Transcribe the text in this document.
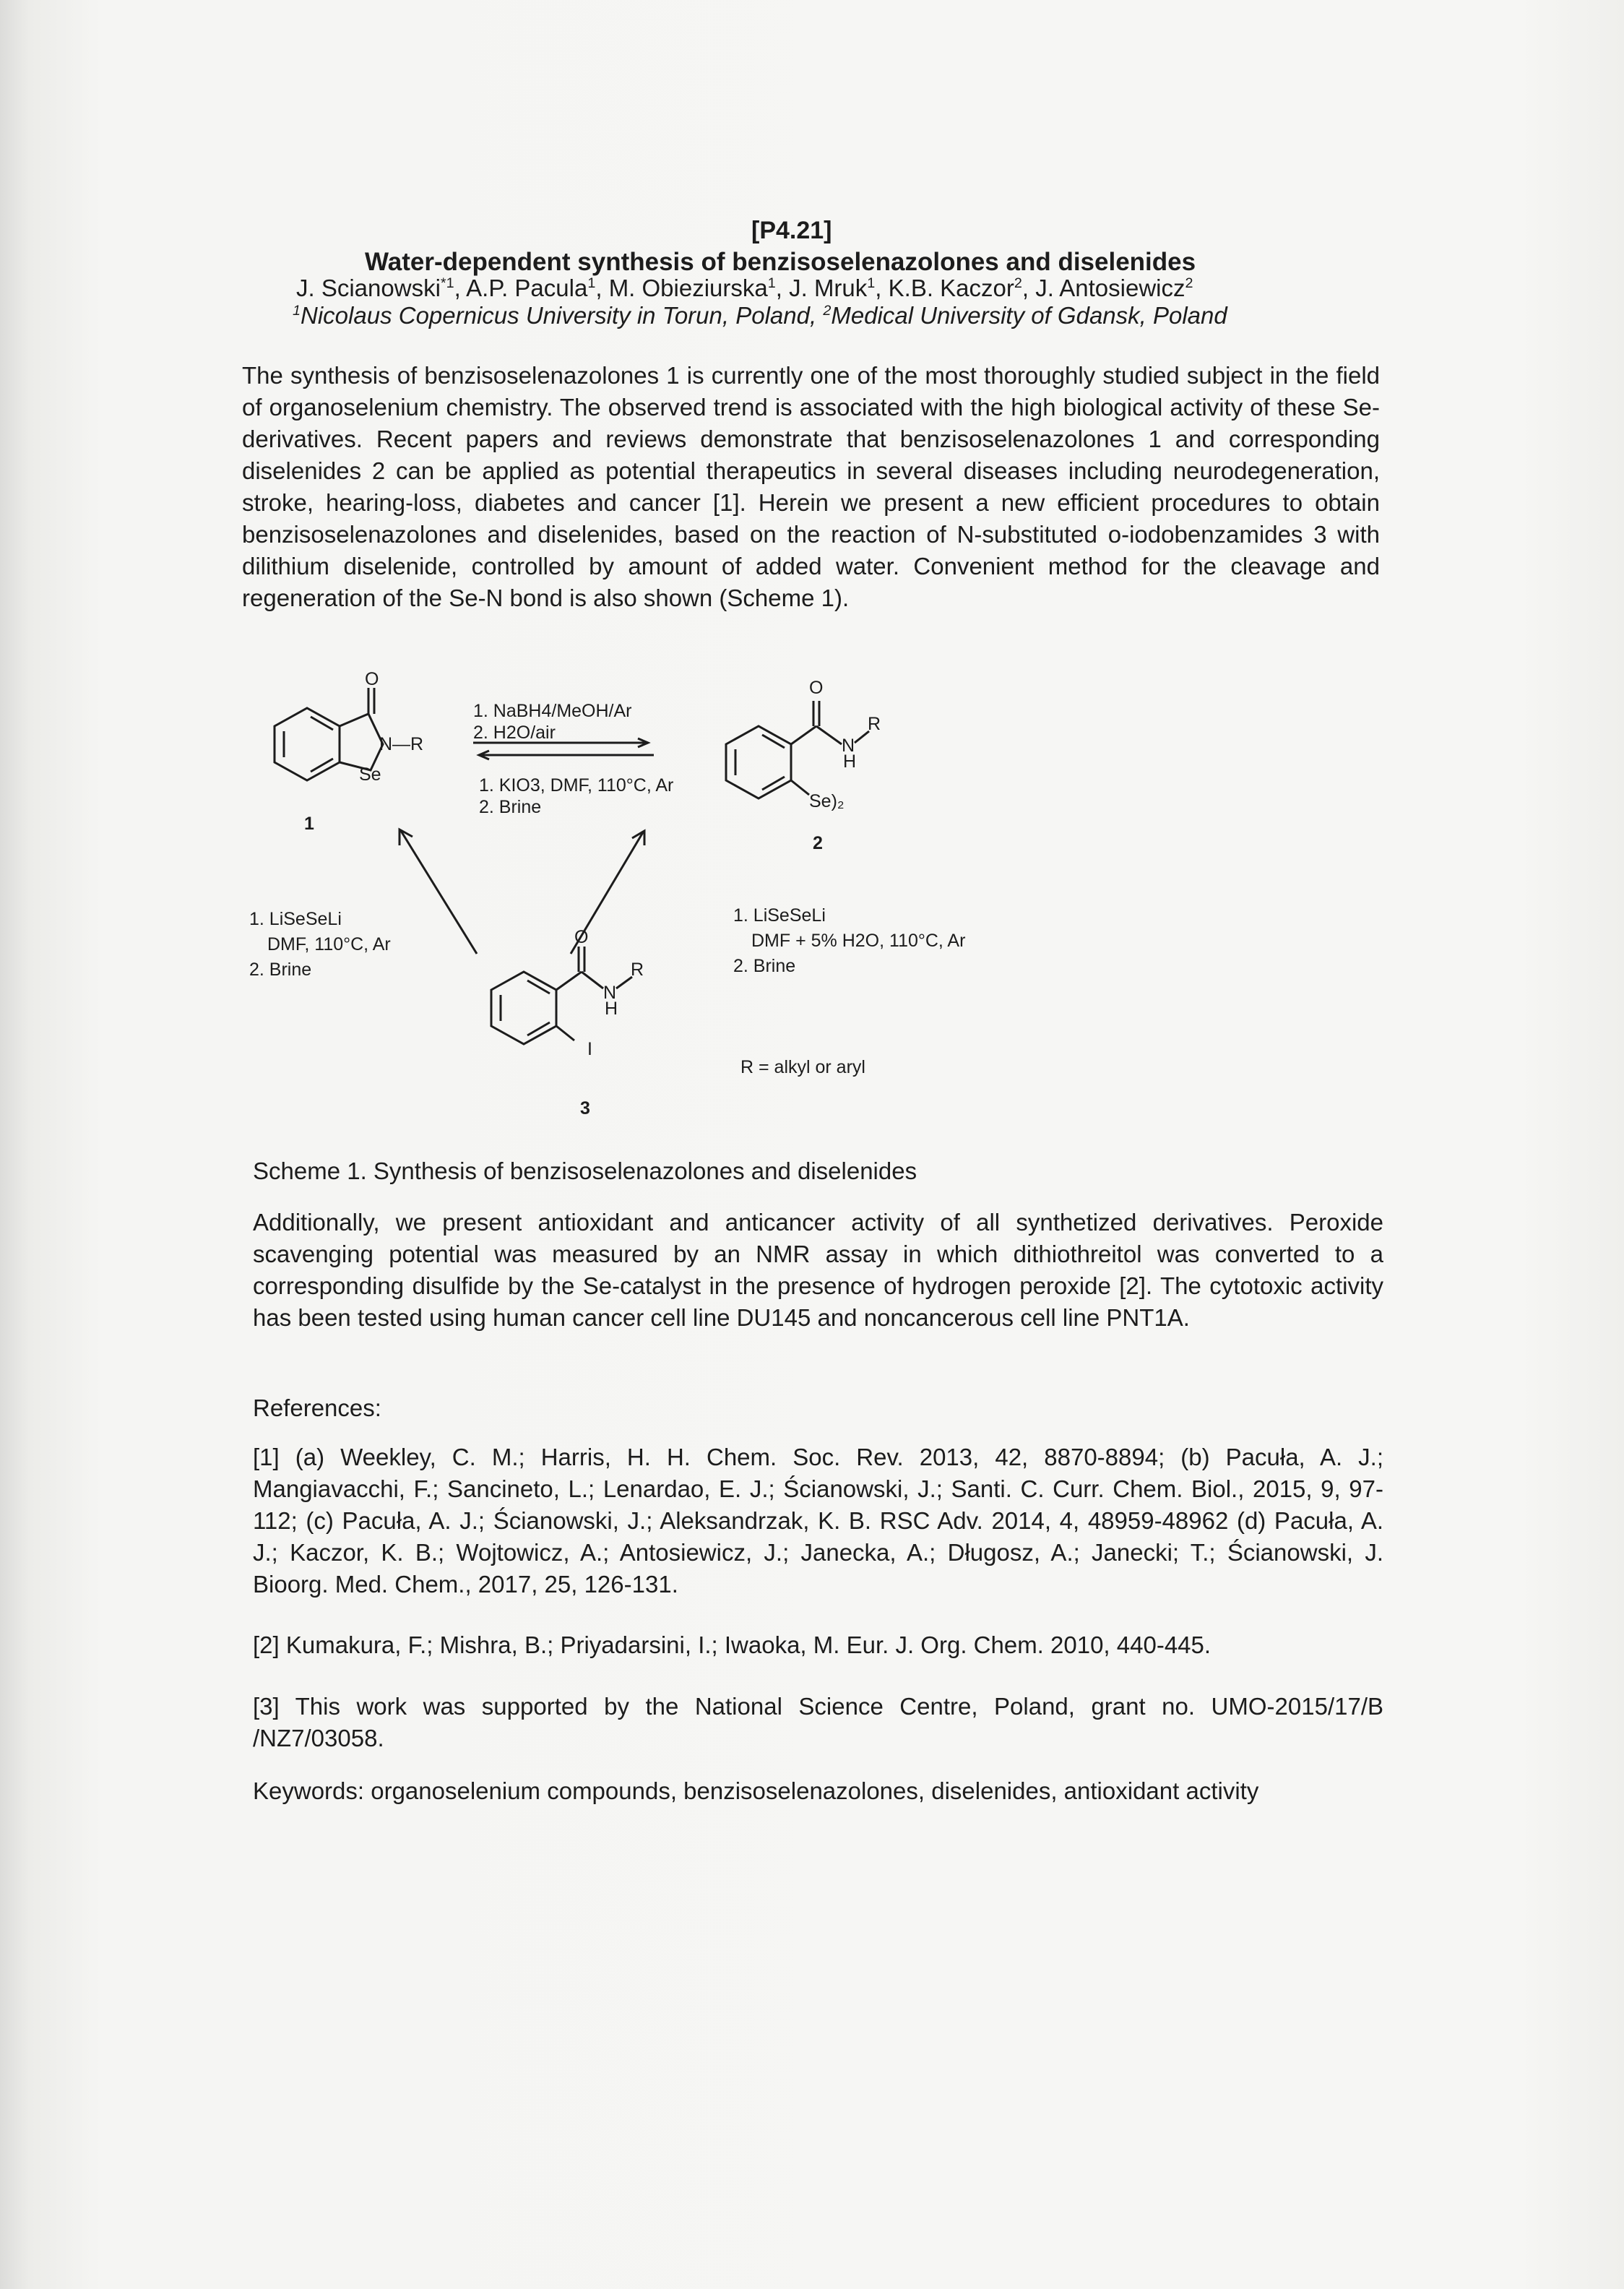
[P4.21]
Water-dependent synthesis of benzisoselenazolones and diselenides
J. Scianowski$^{*1}$, A.P. Pacula$^1$, M. Obieziurska$^1$, J. Mruk$^1$, K.B. Kaczor$^2$, J. Antosiewicz$^2$
$^1$Nicolaus Copernicus University in Torun, Poland, $^2$Medical University of Gdansk, Poland
The synthesis of benzisoselenazolones 1 is currently one of the most thoroughly studied subject in the field of organoselenium chemistry. The observed trend is associated with the high biological activity of these Se-derivatives. Recent papers and reviews demonstrate that benzisoselenazolones 1 and corresponding diselenides 2 can be applied as potential therapeutics in several diseases including neurodegeneration, stroke, hearing-loss, diabetes and cancer [1]. Herein we present a new efficient procedures to obtain benzisoselenazolones and diselenides, based on the reaction of N-substituted o-iodobenzamides 3 with dilithium diselenide, controlled by amount of added water. Convenient method for the cleavage and regeneration of the Se-N bond is also shown (Scheme 1).
O
N—R
Se
1
1. NaBH4/MeOH/Ar
2. H2O/air
1. KIO3, DMF, 110°C, Ar
2. Brine
O
N
R
H
Se)₂
2
1. LiSeSeLi
DMF, 110°C, Ar
2. Brine
1. LiSeSeLi
DMF + 5% H2O, 110°C, Ar
2. Brine
O
N
R
H
I
3
R = alkyl or aryl
Scheme 1. Synthesis of benzisoselenazolones and diselenides
Additionally, we present antioxidant and anticancer activity of all synthetized derivatives. Peroxide scavenging potential was measured by an NMR assay in which dithiothreitol was converted to a corresponding disulfide by the Se-catalyst in the presence of hydrogen peroxide [2]. The cytotoxic activity has been tested using human cancer cell line DU145 and noncancerous cell line PNT1A.
References:
[1] (a) Weekley, C. M.; Harris, H. H. Chem. Soc. Rev. 2013, 42, 8870-8894; (b) Pacuła, A. J.; Mangiavacchi, F.; Sancineto, L.; Lenardao, E. J.; Ścianowski, J.; Santi. C. Curr. Chem. Biol., 2015, 9, 97-112; (c) Pacuła, A. J.; Ścianowski, J.; Aleksandrzak, K. B. RSC Adv. 2014, 4, 48959-48962 (d) Pacuła, A. J.; Kaczor, K. B.; Wojtowicz, A.; Antosiewicz, J.; Janecka, A.; Długosz, A.; Janecki; T.; Ścianowski, J. Bioorg. Med. Chem., 2017, 25, 126-131.
[2] Kumakura, F.; Mishra, B.; Priyadarsini, I.; Iwaoka, M. Eur. J. Org. Chem. 2010, 440-445.
[3] This work was supported by the National Science Centre, Poland, grant no. UMO-2015/17/B /NZ7/03058.
Keywords: organoselenium compounds, benzisoselenazolones, diselenides, antioxidant activity
